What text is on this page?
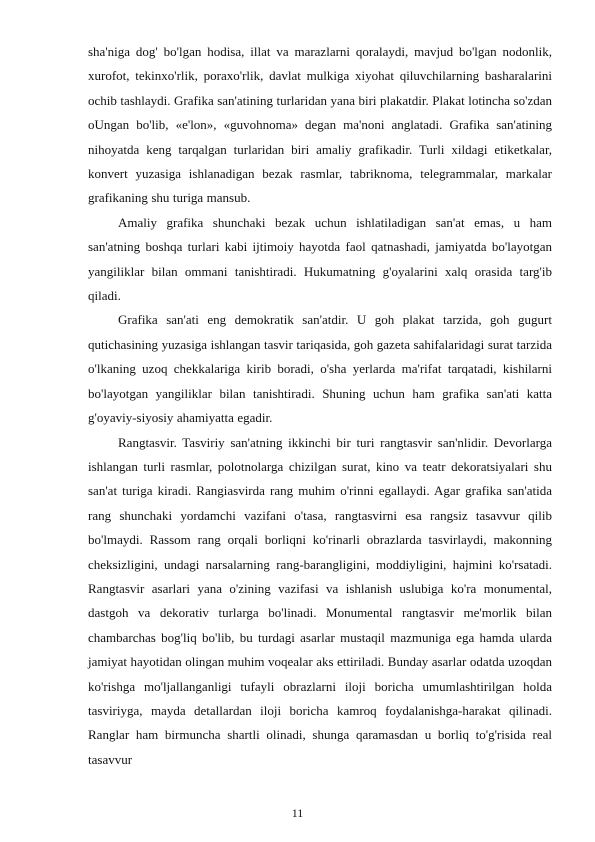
sha'niga dog' bo'lgan hodisa, illat va marazlarni qoralaydi, mavjud bo'lgan nodonlik, xurofot, tekinxo'rlik, poraxo'rlik, davlat mulkiga xiyohat qiluvchilarning basharalarini ochib tashlaydi. Grafika san'atining turlaridan yana biri plakatdir. Plakat lotincha so'zdan oUngan bo'lib, «e'lon», «guvohnoma» degan ma'noni anglatadi. Grafika san'atining nihoyatda keng tarqalgan turlaridan biri amaliy grafikadir. Turli xildagi etiketkalar, konvert yuzasiga ishlanadigan bezak rasmlar, tabriknoma, telegrammalar, markalar grafikaning shu turiga mansub.

Amaliy grafika shunchaki bezak uchun ishlatiladigan san'at emas, u ham san'atning boshqa turlari kabi ijtimoiy hayotda faol qatnashadi, jamiyatda bo'layotgan yangiliklar bilan ommani tanishtiradi. Hukumatning g'oyalarini xalq orasida targ'ib qiladi.

Grafika san'ati eng demokratik san'atdir. U goh plakat tarzida, goh gugurt qutichasining yuzasiga ishlangan tasvir tariqasida, goh gazeta sahifalaridagi surat tarzida o'lkaning uzoq chekkalariga kirib boradi, o'sha yerlarda ma'rifat tarqatadi, kishilarni bo'layotgan yangiliklar bilan tanishtiradi. Shuning uchun ham grafika san'ati katta g'oyaviy-siyosiy ahamiyatta egadir.

Rangtasvir. Tasviriy san'atning ikkinchi bir turi rangtasvir san'nlidir. Devorlarga ishlangan turli rasmlar, polotnolarga chizilgan surat, kino va teatr dekoratsiyalari shu san'at turiga kiradi. Rangiasvirda rang muhim o'rinni egallaydi. Agar grafika san'atida rang shunchaki yordamchi vazifani o'tasa, rangtasvirni esa rangsiz tasavvur qilib bo'lmaydi. Rassom rang orqali borliqni ko'rinarli obrazlarda tasvirlaydi, makonning cheksizligini, undagi narsalarning rang-barangligini, moddiyligini, hajmini ko'rsatadi. Rangtasvir asarlari yana o'zining vazifasi va ishlanish uslubiga ko'ra monumental, dastgoh va dekorativ turlarga bo'linadi. Monumental rangtasvir me'morlik bilan chambarchas bog'liq bo'lib, bu turdagi asarlar mustaqil mazmuniga ega hamda ularda jamiyat hayotidan olingan muhim voqealar aks ettiriladi. Bunday asarlar odatda uzoqdan ko'rishga mo'ljallanganligi tufayli obrazlarni iloji boricha umumlashtirilgan holda tasviriyga, mayda detallardan iloji boricha kamroq foydalanishga-harakat qilinadi. Ranglar ham birmuncha shartli olinadi, shunga qaramasdan u borliq to'g'risida real tasavvur

11
